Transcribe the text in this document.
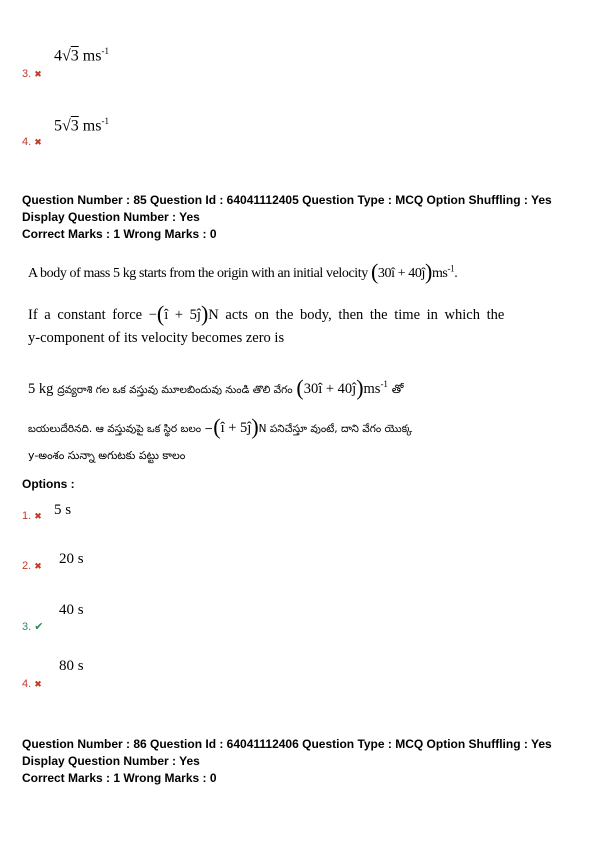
4√3 $ms^{-1}$
3. ✖
5√3 $ms^{-1}$
4. ✖
Question Number : 85 Question Id : 64041112405 Question Type : MCQ Option Shuffling : Yes
Display Question Number : Yes
Correct Marks : 1 Wrong Marks : 0
A body of mass 5 kg starts from the origin with an initial velocity (30î + $40ĵ)ms^{-1}$.
If a constant force −(î + 5ĵ)N acts on the body, then the time in which the
y-component of its velocity becomes zero is
5 kg ద్రవ్యరాశి గల ఒక వస్తువు మూలబిందువు నుండి తొలి వేగం (30î + $40ĵ)ms^{-1}$ తో
బయలుదేరినది. ఆ వస్తువుపై ఒక స్థిర బలం −(î + 5ĵ)N పనిచేస్తూ వుంటే, దాని వేగం యొక్క
y-అంశం సున్నా అగుటకు పట్టు కాలం
Options :
1. ✖ 5 s
2. ✖ 20 s
3. ✔
40 s
4. ✖
80 s
Question Number : 86 Question Id : 64041112406 Question Type : MCQ Option Shuffling : Yes
Display Question Number : Yes
Correct Marks : 1 Wrong Marks : 0
